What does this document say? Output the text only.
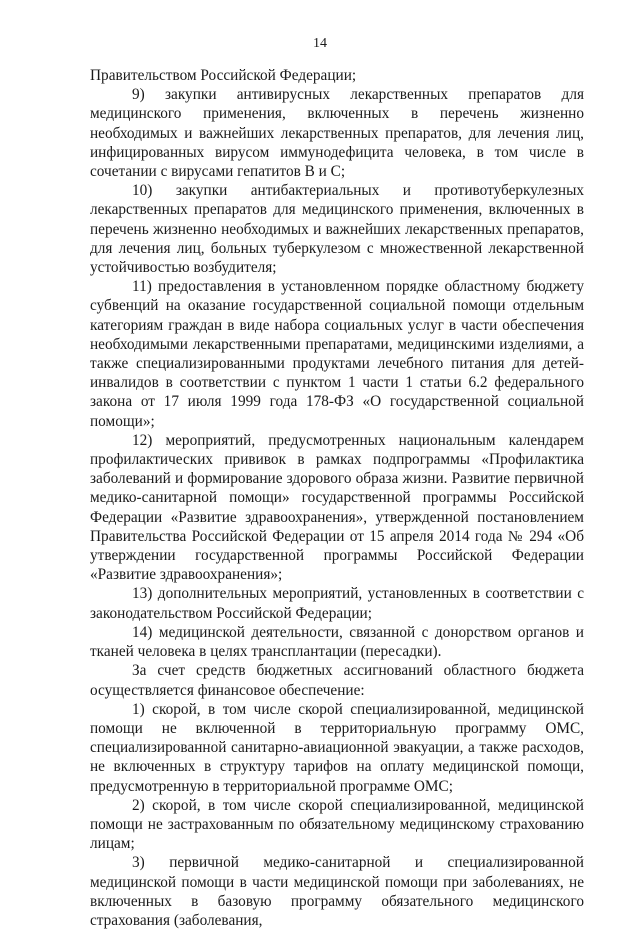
14

Правительством Российской Федерации;

9) закупки антивирусных лекарственных препаратов для медицинского применения, включенных в перечень жизненно необходимых и важнейших лекарственных препаратов, для лечения лиц, инфицированных вирусом иммунодефицита человека, в том числе в сочетании с вирусами гепатитов В и С;

10) закупки антибактериальных и противотуберкулезных лекарственных препаратов для медицинского применения, включенных в перечень жизненно необходимых и важнейших лекарственных препаратов, для лечения лиц, больных туберкулезом с множественной лекарственной устойчивостью возбудителя;

11) предоставления в установленном порядке областному бюджету субвенций на оказание государственной социальной помощи отдельным категориям граждан в виде набора социальных услуг в части обеспечения необходимыми лекарственными препаратами, медицинскими изделиями, а также специализированными продуктами лечебного питания для детей-инвалидов в соответствии с пунктом 1 части 1 статьи 6.2 федерального закона от 17 июля 1999 года 178-ФЗ «О государственной социальной помощи»;

12) мероприятий, предусмотренных национальным календарем профилактических прививок в рамках подпрограммы «Профилактика заболеваний и формирование здорового образа жизни. Развитие первичной медико-санитарной помощи» государственной программы Российской Федерации «Развитие здравоохранения», утвержденной постановлением Правительства Российской Федерации от 15 апреля 2014 года № 294 «Об утверждении государственной программы Российской Федерации «Развитие здравоохранения»;

13) дополнительных мероприятий, установленных в соответствии с законодательством Российской Федерации;

14) медицинской деятельности, связанной с донорством органов и тканей человека в целях трансплантации (пересадки).

За счет средств бюджетных ассигнований областного бюджета осуществляется финансовое обеспечение:

1) скорой, в том числе скорой специализированной, медицинской помощи не включенной в территориальную программу ОМС, специализированной санитарно-авиационной эвакуации, а также расходов, не включенных в структуру тарифов на оплату медицинской помощи, предусмотренную в территориальной программе ОМС;

2) скорой, в том числе скорой специализированной, медицинской помощи не застрахованным по обязательному медицинскому страхованию лицам;

3) первичной медико-санитарной и специализированной медицинской помощи в части медицинской помощи при заболеваниях, не включенных в базовую программу обязательного медицинского страхования (заболевания,
